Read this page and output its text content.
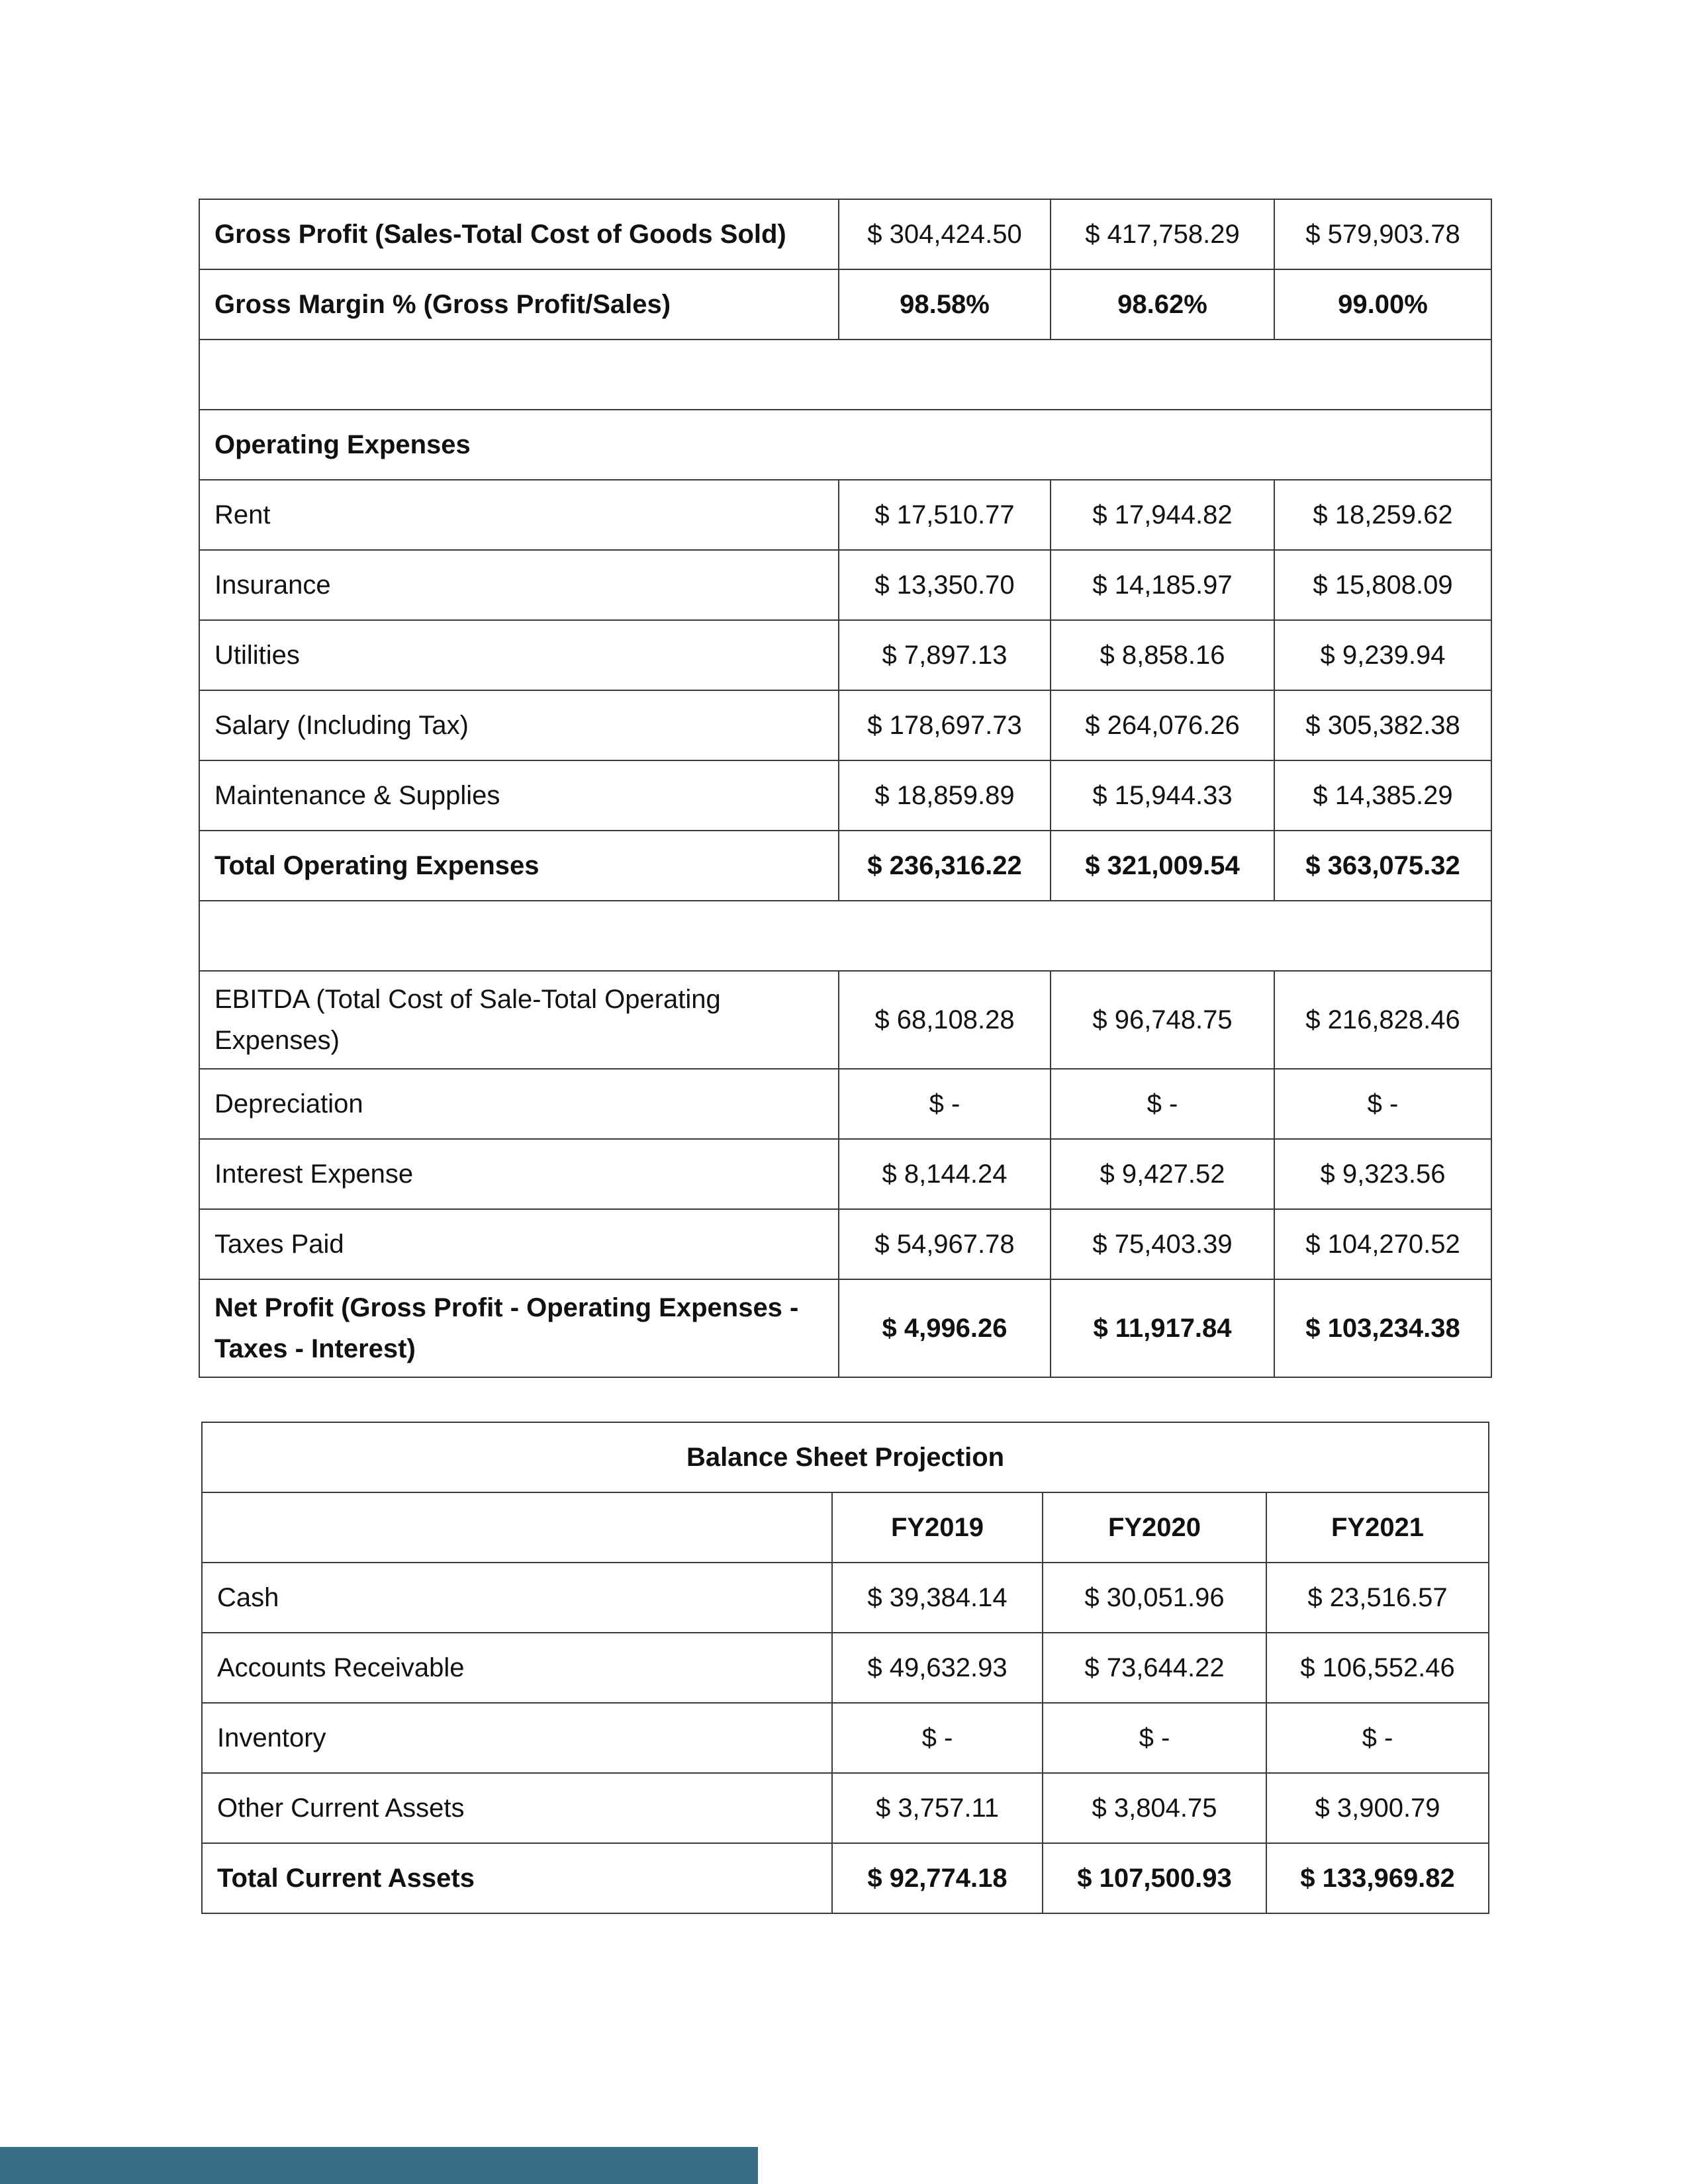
Gross Profit (Sales-Total Cost of Goods Sold)	$ 304,424.50	$ 417,758.29	$ 579,903.78
Gross Margin % (Gross Profit/Sales)	98.58%	98.62%	99.00%

Operating Expenses			
Rent	$ 17,510.77	$ 17,944.82	$ 18,259.62
Insurance	$ 13,350.70	$ 14,185.97	$ 15,808.09
Utilities	$ 7,897.13	$ 8,858.16	$ 9,239.94
Salary (Including Tax)	$ 178,697.73	$ 264,076.26	$ 305,382.38
Maintenance & Supplies	$ 18,859.89	$ 15,944.33	$ 14,385.29
Total Operating Expenses	$ 236,316.22	$ 321,009.54	$ 363,075.32

EBITDA (Total Cost of Sale-Total Operating Expenses)	$ 68,108.28	$ 96,748.75	$ 216,828.46
Depreciation	$ -	$ -	$ -
Interest Expense	$ 8,144.24	$ 9,427.52	$ 9,323.56
Taxes Paid	$ 54,967.78	$ 75,403.39	$ 104,270.52
Net Profit (Gross Profit - Operating Expenses - Taxes - Interest)	$ 4,996.26	$ 11,917.84	$ 103,234.38
Balance Sheet Projection			
	FY2019	FY2020	FY2021
Cash	$ 39,384.14	$ 30,051.96	$ 23,516.57
Accounts Receivable	$ 49,632.93	$ 73,644.22	$ 106,552.46
Inventory	$ -	$ -	$ -
Other Current Assets	$ 3,757.11	$ 3,804.75	$ 3,900.79
Total Current Assets	$ 92,774.18	$ 107,500.93	$ 133,969.82
